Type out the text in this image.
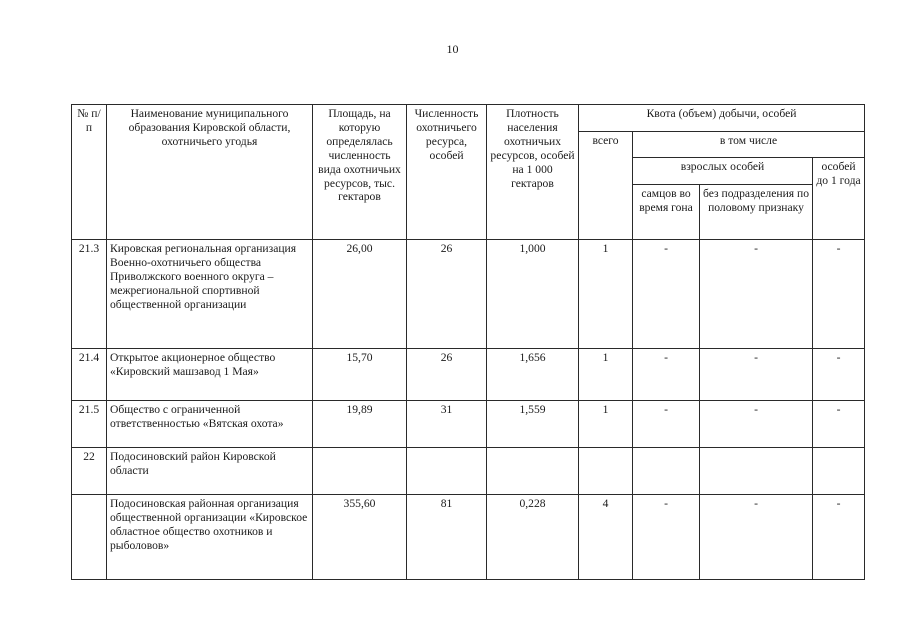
10
№ п/п	Наименование муниципального образования Кировской области, охотничьего угодья	Площадь, на которую определялась численность вида охотничьих ресурсов, тыс. гектаров	Численность охотничьего ресурса, особей	Плотность населения охотничьих ресурсов, особей на 1 000 гектаров	Квота (объем) добычи, особей			
					всего	в том числе		
						взрослых особей		особей до 1 года
						самцов во время гона	без подразделения по половому признаку	
21.3	Кировская региональная организация Военно-охотничьего общества Приволжского военного округа – межрегиональной спортивной общественной организации	26,00	26	1,000	1	-	-	-
21.4	Открытое акционерное общество «Кировский машзавод 1 Мая»	15,70	26	1,656	1	-	-	-
21.5	Общество с ограниченной ответственностью «Вятская охота»	19,89	31	1,559	1	-	-	-
22	Подосиновский район Кировской области							
	Подосиновская районная организация общественной организации «Кировское областное общество охотников и рыболовов»	355,60	81	0,228	4	-	-	-
